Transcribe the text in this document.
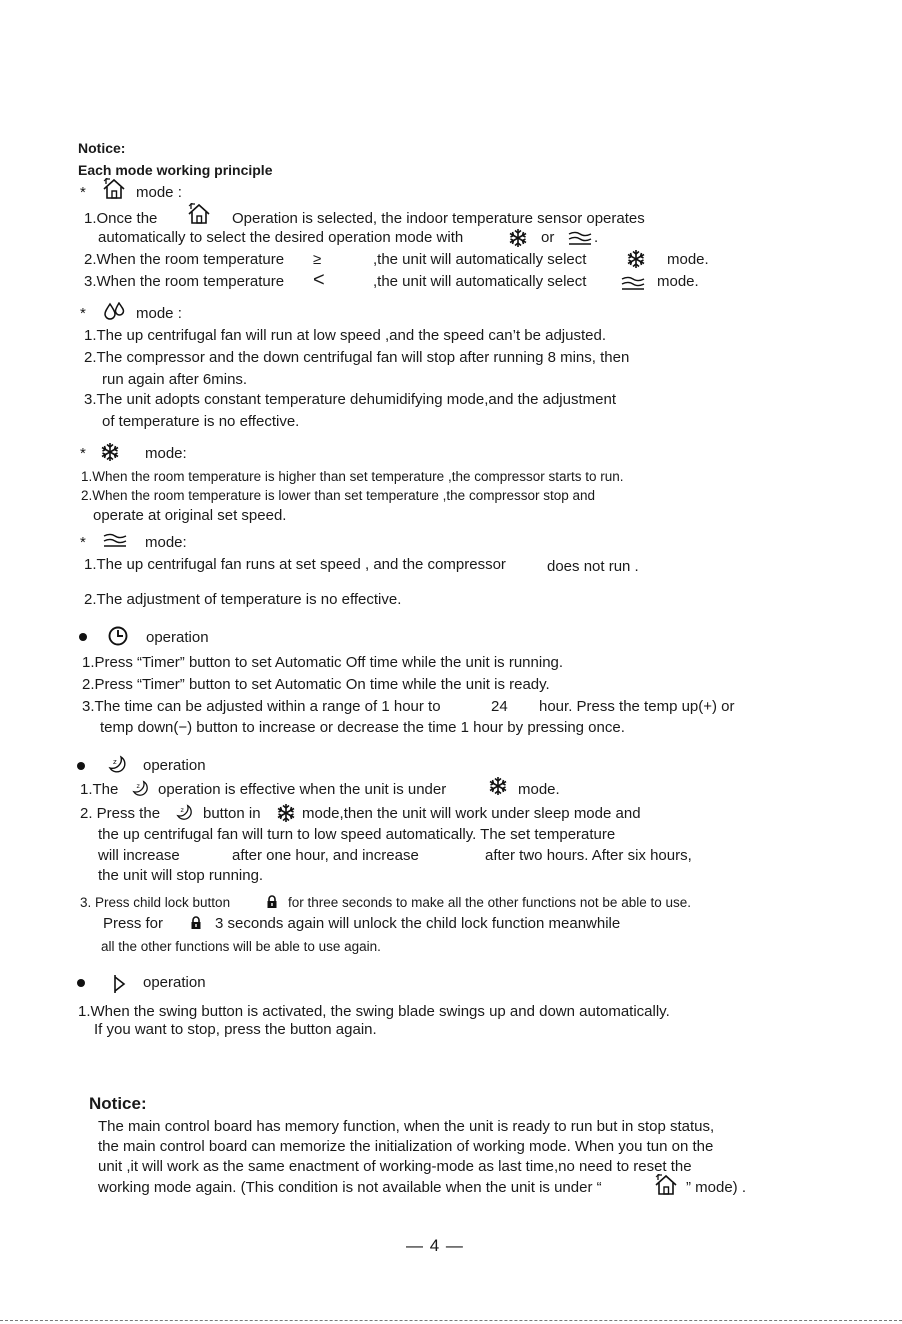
Notice:
Each mode working principle
*	mode :
1.Once the	Operation is selected, the indoor temperature sensor operates
automatically to select the desired operation mode with	or	.
2.When the room temperature ≥	,the unit will automatically select	mode.
3.When the room temperature <	,the unit will automatically select	mode.
*	mode :
1.The up centrifugal fan will run at low speed ,and the speed can’t be adjusted.
2.The compressor and the down centrifugal fan will stop after running 8 mins, then
run again after 6mins.
3.The unit adopts constant temperature dehumidifying mode,and the adjustment
of temperature is no effective.
*	mode:
1.When the room temperature is higher than set temperature ,the compressor starts to run.
2.When the room temperature is lower than set temperature ,the compressor stop and
operate at original set speed.
*	mode:
1.The up centrifugal fan runs at set speed , and the compressor	does not run .
2.The adjustment of temperature is no effective.
operation
1.Press “Timer” button to set Automatic Off time while the unit is running.
2.Press “Timer” button to set Automatic On time while the unit is ready.
3.The time can be adjusted within a range of 1 hour to	24 hour. Press the temp up(+) or
temp down(−) button to increase or decrease the time 1 hour by pressing once.
operation
1.The	operation is effective when the unit is under	mode.
2. Press the	button in	mode,then the unit will work under sleep mode and
the up centrifugal fan will turn to low speed automatically. The set temperature
will increase	after one hour, and increase	after two hours. After six hours,
the unit will stop running.
3. Press child lock button	for three seconds to make all the other functions not be able to use.
Press for	3 seconds again will unlock the child lock function meanwhile
all the other functions will be able to use again.
operation
1.When the swing button is activated, the swing blade swings up and down automatically.
If you want to stop, press the button again.
Notice:
The main control board has memory function, when the unit is ready to run but in stop status,
the main control board can memorize the initialization of working mode. When you tun on the
unit ,it will work as the same enactment of working-mode as last time,no need to reset the
working mode again. (This condition is not available when the unit is under “	” mode) .
— 4 —
